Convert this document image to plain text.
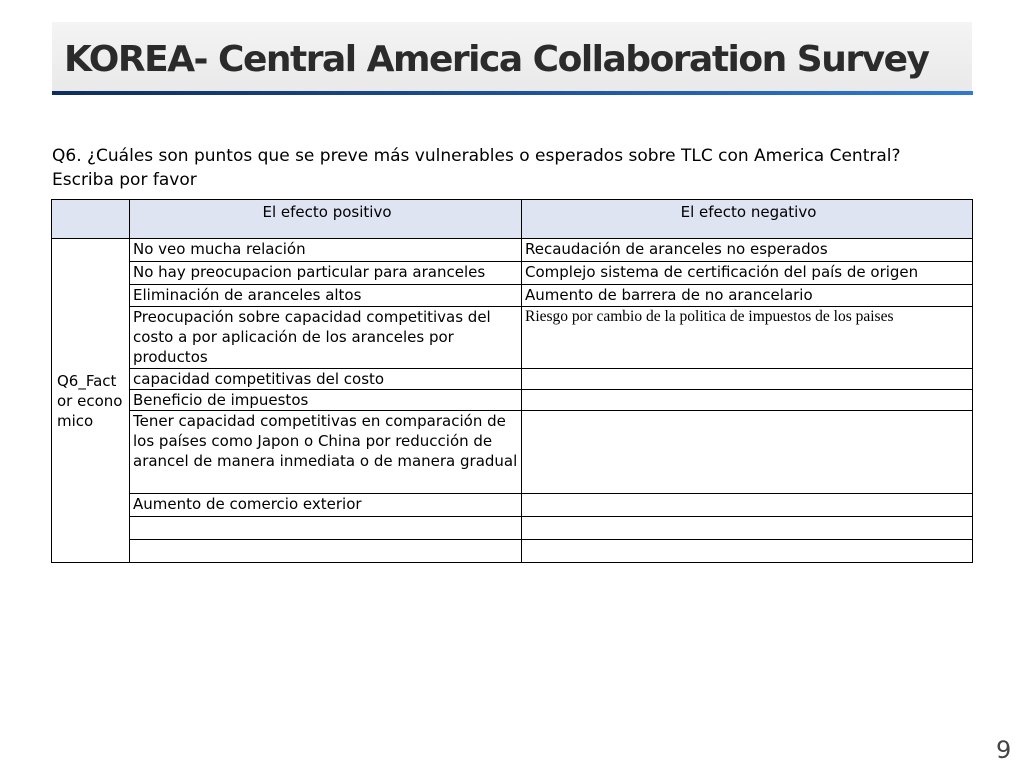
KOREA- Central America Collaboration Survey
Q6. ¿Cuáles son puntos que se preve más vulnerables o esperados sobre TLC con America Central? Escriba por favor
	El efecto positivo	El efecto negativo
Q6_Fact or econo mico	No veo mucha relación	Recaudación de aranceles no esperados
	No hay preocupacion particular para aranceles	Complejo sistema de certificación del país de origen
	Eliminación de aranceles altos	Aumento de barrera de no arancelario
	Preocupación sobre capacidad competitivas del costo a por aplicación de los aranceles por productos	Riesgo por cambio de la politica de impuestos de los paises
	capacidad competitivas del costo	
	Beneficio de impuestos	
	Tener capacidad competitivas en comparación de los países como Japon o China por reducción de arancel de manera inmediata o de manera gradual	
	Aumento de comercio exterior	

9
